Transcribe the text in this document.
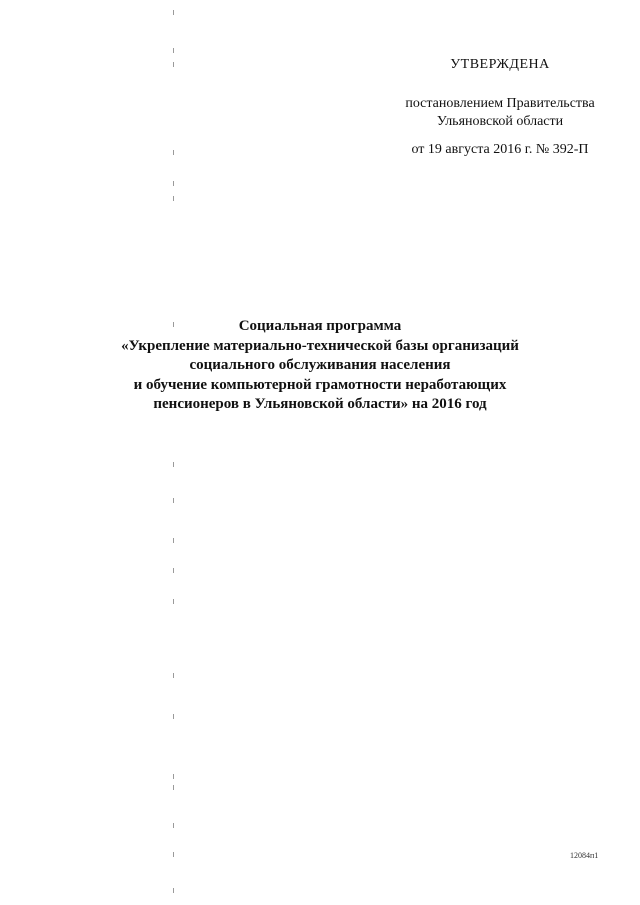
УТВЕРЖДЕНА
постановлением Правительства
Ульяновской области
от 19 августа 2016 г. № 392-П
Социальная программа
«Укрепление материально-технической базы организаций
социального обслуживания населения
и обучение компьютерной грамотности неработающих
пенсионеров в Ульяновской области» на 2016 год
12084п1
